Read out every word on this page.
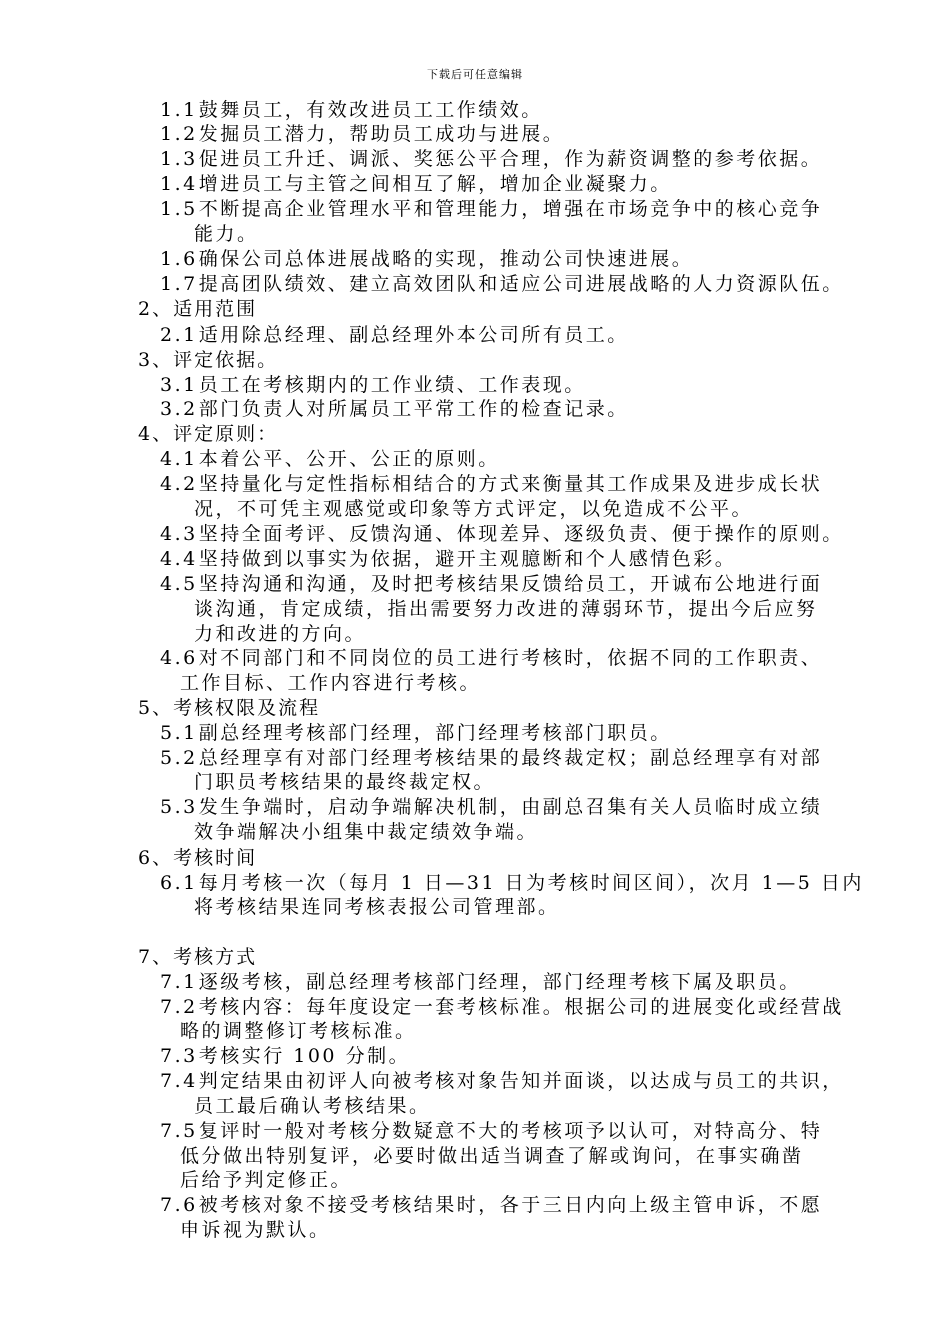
下载后可任意编辑
1.1鼓舞员工，有效改进员工工作绩效。
1.2发掘员工潜力，帮助员工成功与进展。
1.3促进员工升迁、调派、奖惩公平合理，作为薪资调整的参考依据。
1.4增进员工与主管之间相互了解，增加企业凝聚力。
1.5不断提高企业管理水平和管理能力，增强在市场竞争中的核心竞争
能力。
1.6确保公司总体进展战略的实现，推动公司快速进展。
1.7提高团队绩效、建立高效团队和适应公司进展战略的人力资源队伍。
2、适用范围
2.1适用除总经理、副总经理外本公司所有员工。
3、评定依据。
3.1员工在考核期内的工作业绩、工作表现。
3.2部门负责人对所属员工平常工作的检查记录。
4、评定原则：
4.1本着公平、公开、公正的原则。
4.2坚持量化与定性指标相结合的方式来衡量其工作成果及进步成长状
况，不可凭主观感觉或印象等方式评定，以免造成不公平。
4.3坚持全面考评、反馈沟通、体现差异、逐级负责、便于操作的原则。
4.4坚持做到以事实为依据，避开主观臆断和个人感情色彩。
4.5坚持沟通和沟通，及时把考核结果反馈给员工，开诚布公地进行面
谈沟通，肯定成绩，指出需要努力改进的薄弱环节，提出今后应努
力和改进的方向。
4.6对不同部门和不同岗位的员工进行考核时，依据不同的工作职责、
工作目标、工作内容进行考核。
5、考核权限及流程
5.1副总经理考核部门经理，部门经理考核部门职员。
5.2总经理享有对部门经理考核结果的最终裁定权；副总经理享有对部
门职员考核结果的最终裁定权。
5.3发生争端时，启动争端解决机制，由副总召集有关人员临时成立绩
效争端解决小组集中裁定绩效争端。
6、考核时间
6.1每月考核一次（每月 1 日—31 日为考核时间区间），次月 1—5 日内
将考核结果连同考核表报公司管理部。
7、考核方式
7.1逐级考核，副总经理考核部门经理，部门经理考核下属及职员。
7.2考核内容：每年度设定一套考核标准。根据公司的进展变化或经营战
略的调整修订考核标准。
7.3考核实行 100 分制。
7.4判定结果由初评人向被考核对象告知并面谈，以达成与员工的共识，
员工最后确认考核结果。
7.5复评时一般对考核分数疑意不大的考核项予以认可，对特高分、特
低分做出特别复评，必要时做出适当调查了解或询问，在事实确凿
后给予判定修正。
7.6被考核对象不接受考核结果时，各于三日内向上级主管申诉，不愿
申诉视为默认。
